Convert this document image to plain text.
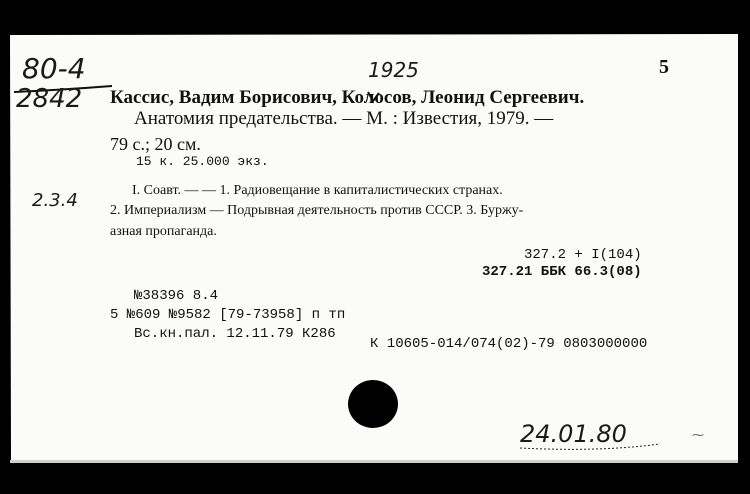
80-4
2842
1925	5
Кассис, Вадим Борисович, Колосов, Леонид Сергеевич.
Анатомия предательства. — М. : Известия, 1979. —
79 с.; 20 см.
15 к. 25.000 экз.
2.3.4	I. Соавт. — — 1. Радиовещание в капиталистических странах.
2. Империализм — Подрывная деятельность против СССР. 3. Буржу-
азная пропаганда.
327.2 + I(104)
327.21 ББК 66.3(08)
№38396 8.4
5 №609 №9582 [79-73958] п тп
Вс.кн.пал. 12.11.79 К286
К 10605-014/074(02)-79 0803000000
24.01.80	⁓
